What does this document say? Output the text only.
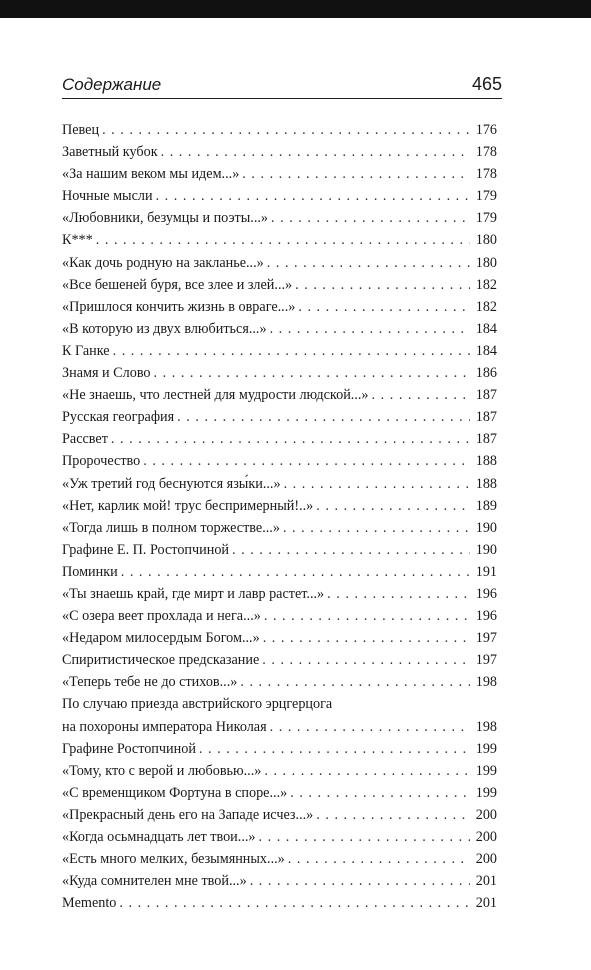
Содержание	465
Певец . . .	176
Заветный кубок . . .	178
«За нашим веком мы идем...» . . .	178
Ночные мысли . . .	179
«Любовники, безумцы и поэты...» . . .	179
К*** . . .	180
«Как дочь родную на закланье...» . . .	180
«Все бешеней буря, все злее и злей...» . . .	182
«Пришлося кончить жизнь в овраге...» . . .	182
«В которую из двух влюбиться...» . . .	184
К Ганке . . .	184
Знамя и Слово . . .	186
«Не знаешь, что лестней для мудрости людской...» . . .	187
Русская география . . .	187
Рассвет . . .	187
Пророчество . . .	188
«Уж третий год беснуются язы́ки...» . . .	188
«Нет, карлик мой! трус беспримерный!..» . . .	189
«Тогда лишь в полном торжестве...» . . .	190
Графине Е. П. Ростопчиной . . .	190
Поминки . . .	191
«Ты знаешь край, где мирт и лавр растет...» . . .	196
«С озера веет прохлада и нега...» . . .	196
«Недаром милосердым Богом...» . . .	197
Спиритистическое предсказание . . .	197
«Теперь тебе не до стихов...» . . .	198
По случаю приезда австрийского эрцгерцога
на похороны императора Николая . . .	198
Графине Ростопчиной . . .	199
«Тому, кто с верой и любовью...» . . .	199
«С временщиком Фортуна в споре...» . . .	199
«Прекрасный день его на Западе исчез...» . . .	200
«Когда осьмнадцать лет твои...» . . .	200
«Есть много мелких, безымянных...» . . .	200
«Куда сомнителен мне твой...» . . .	201
Memento . . .	201
